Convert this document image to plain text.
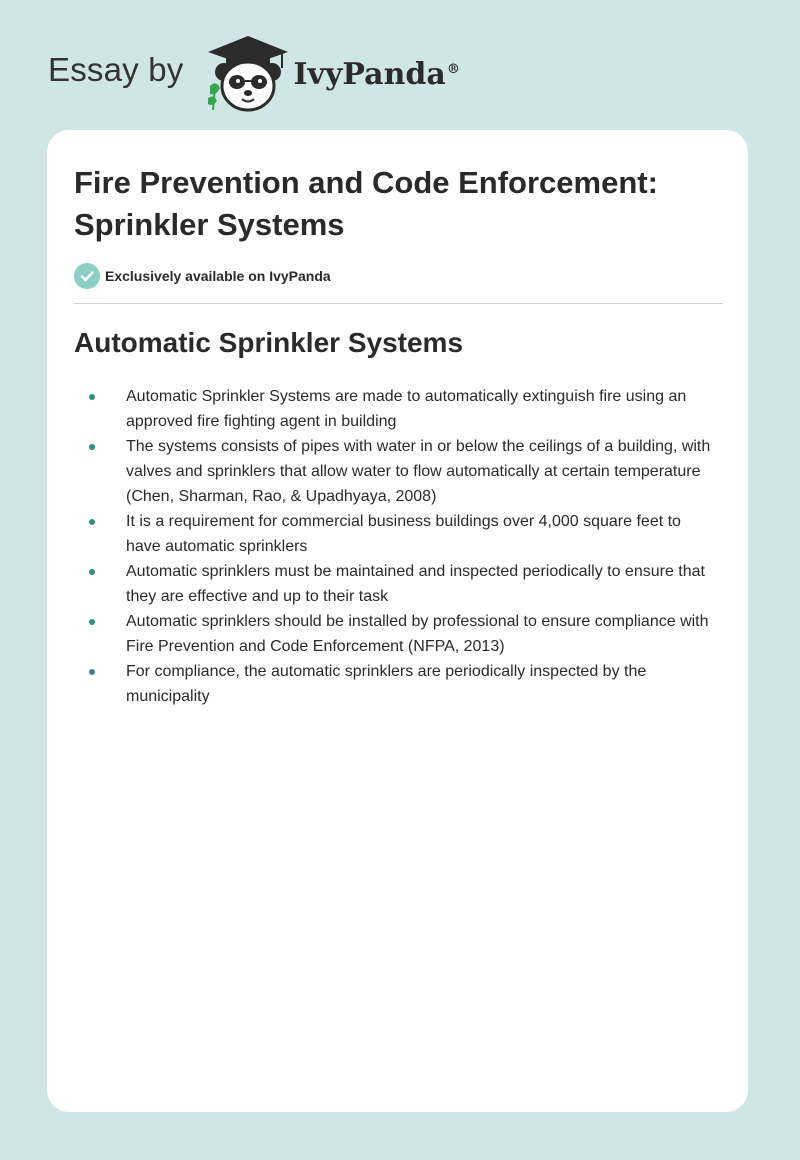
Essay by	IvyPanda®
Fire Prevention and Code Enforcement: Sprinkler Systems
Exclusively available on IvyPanda
Automatic Sprinkler Systems
Automatic Sprinkler Systems are made to automatically extinguish fire using an approved fire fighting agent in building
The systems consists of pipes with water in or below the ceilings of a building, with valves and sprinklers that allow water to flow automatically at certain temperature (Chen, Sharman, Rao, & Upadhyaya, 2008)
It is a requirement for commercial business buildings over 4,000 square feet to have automatic sprinklers
Automatic sprinklers must be maintained and inspected periodically to ensure that they are effective and up to their task
Automatic sprinklers should be installed by professional to ensure compliance with Fire Prevention and Code Enforcement (NFPA, 2013)
For compliance, the automatic sprinklers are periodically inspected by the municipality
